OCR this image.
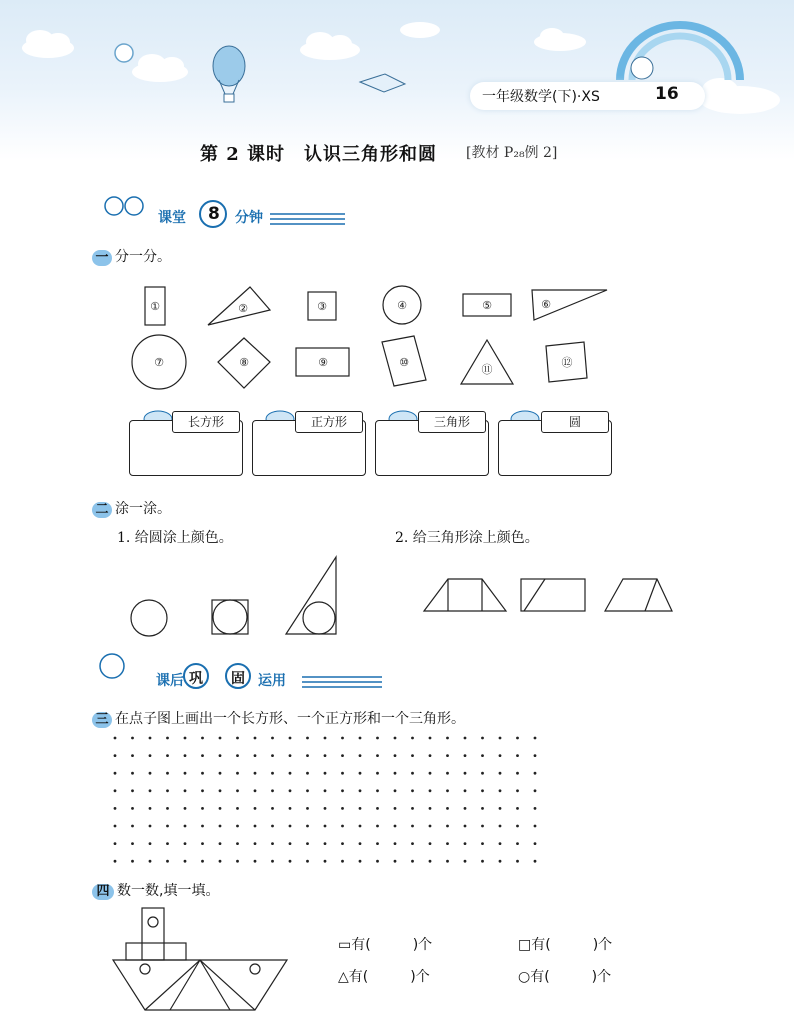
一年级数学(下)·XS	16
第 2 课时　认识三角形和圆 [教材 P₂₈例 2]
课堂 8 分钟
一 分一分。
①	②	③	④	⑤	⑥
⑦	⑧	⑨	⑩
⑪
⑫
长方形	正方形	三角形	圆
二 涂一涂。
1. 给圆涂上颜色。	2. 给三角形涂上颜色。
课后 巩 固 运用
三 在点子图上画出一个长方形、一个正方形和一个三角形。
四 数一数,填一填。
▭有(　　　)个	□有(　　　)个
△有(　　　)个	○有(　　　)个
